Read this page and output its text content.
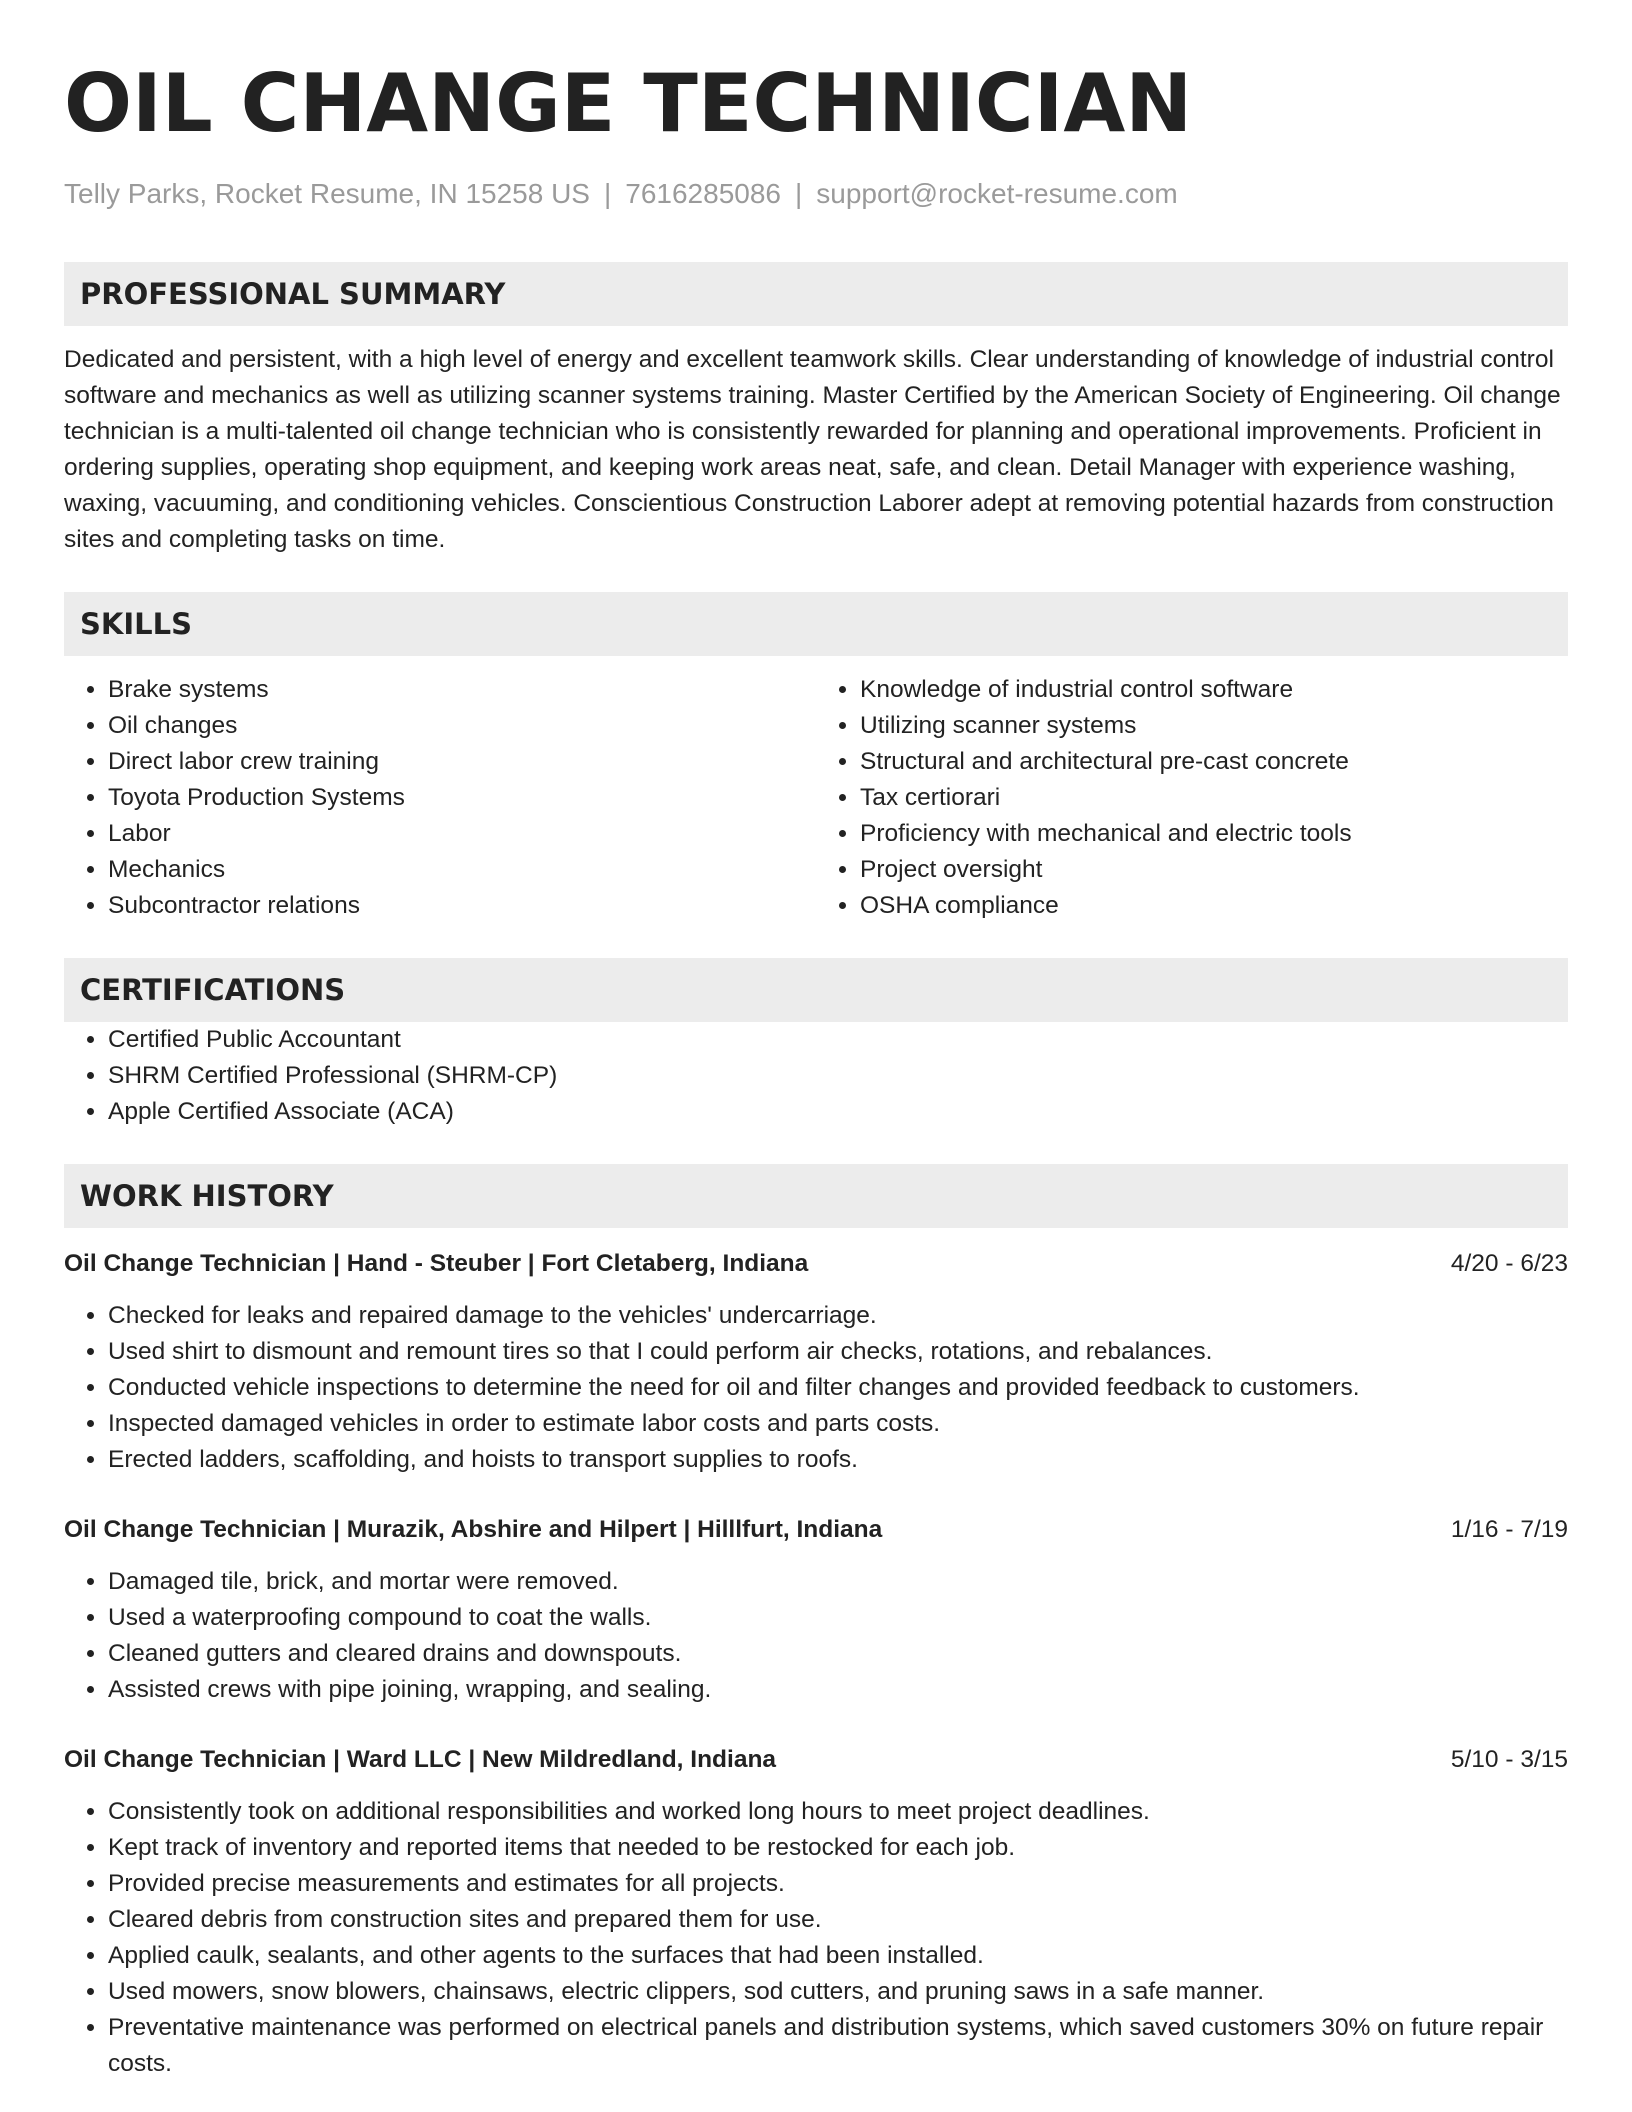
OIL CHANGE TECHNICIAN
Telly Parks, Rocket Resume, IN 15258 US | 7616285086 | support@rocket-resume.com
PROFESSIONAL SUMMARY
Dedicated and persistent, with a high level of energy and excellent teamwork skills. Clear understanding of knowledge of industrial control software and mechanics as well as utilizing scanner systems training. Master Certified by the American Society of Engineering. Oil change technician is a multi-talented oil change technician who is consistently rewarded for planning and operational improvements. Proficient in ordering supplies, operating shop equipment, and keeping work areas neat, safe, and clean. Detail Manager with experience washing, waxing, vacuuming, and conditioning vehicles. Conscientious Construction Laborer adept at removing potential hazards from construction sites and completing tasks on time.
SKILLS
• Brake systems
• Oil changes
• Direct labor crew training
• Toyota Production Systems
• Labor
• Mechanics
• Subcontractor relations
• Knowledge of industrial control software
• Utilizing scanner systems
• Structural and architectural pre-cast concrete
• Tax certiorari
• Proficiency with mechanical and electric tools
• Project oversight
• OSHA compliance
CERTIFICATIONS
• Certified Public Accountant
• SHRM Certified Professional (SHRM-CP)
• Apple Certified Associate (ACA)
WORK HISTORY
Oil Change Technician | Hand - Steuber | Fort Cletaberg, Indiana	4/20 - 6/23
• Checked for leaks and repaired damage to the vehicles' undercarriage.
• Used shirt to dismount and remount tires so that I could perform air checks, rotations, and rebalances.
• Conducted vehicle inspections to determine the need for oil and filter changes and provided feedback to customers.
• Inspected damaged vehicles in order to estimate labor costs and parts costs.
• Erected ladders, scaffolding, and hoists to transport supplies to roofs.
Oil Change Technician | Murazik, Abshire and Hilpert | Hilllfurt, Indiana	1/16 - 7/19
• Damaged tile, brick, and mortar were removed.
• Used a waterproofing compound to coat the walls.
• Cleaned gutters and cleared drains and downspouts.
• Assisted crews with pipe joining, wrapping, and sealing.
Oil Change Technician | Ward LLC | New Mildredland, Indiana	5/10 - 3/15
• Consistently took on additional responsibilities and worked long hours to meet project deadlines.
• Kept track of inventory and reported items that needed to be restocked for each job.
• Provided precise measurements and estimates for all projects.
• Cleared debris from construction sites and prepared them for use.
• Applied caulk, sealants, and other agents to the surfaces that had been installed.
• Used mowers, snow blowers, chainsaws, electric clippers, sod cutters, and pruning saws in a safe manner.
• Preventative maintenance was performed on electrical panels and distribution systems, which saved customers 30% on future repair costs.
